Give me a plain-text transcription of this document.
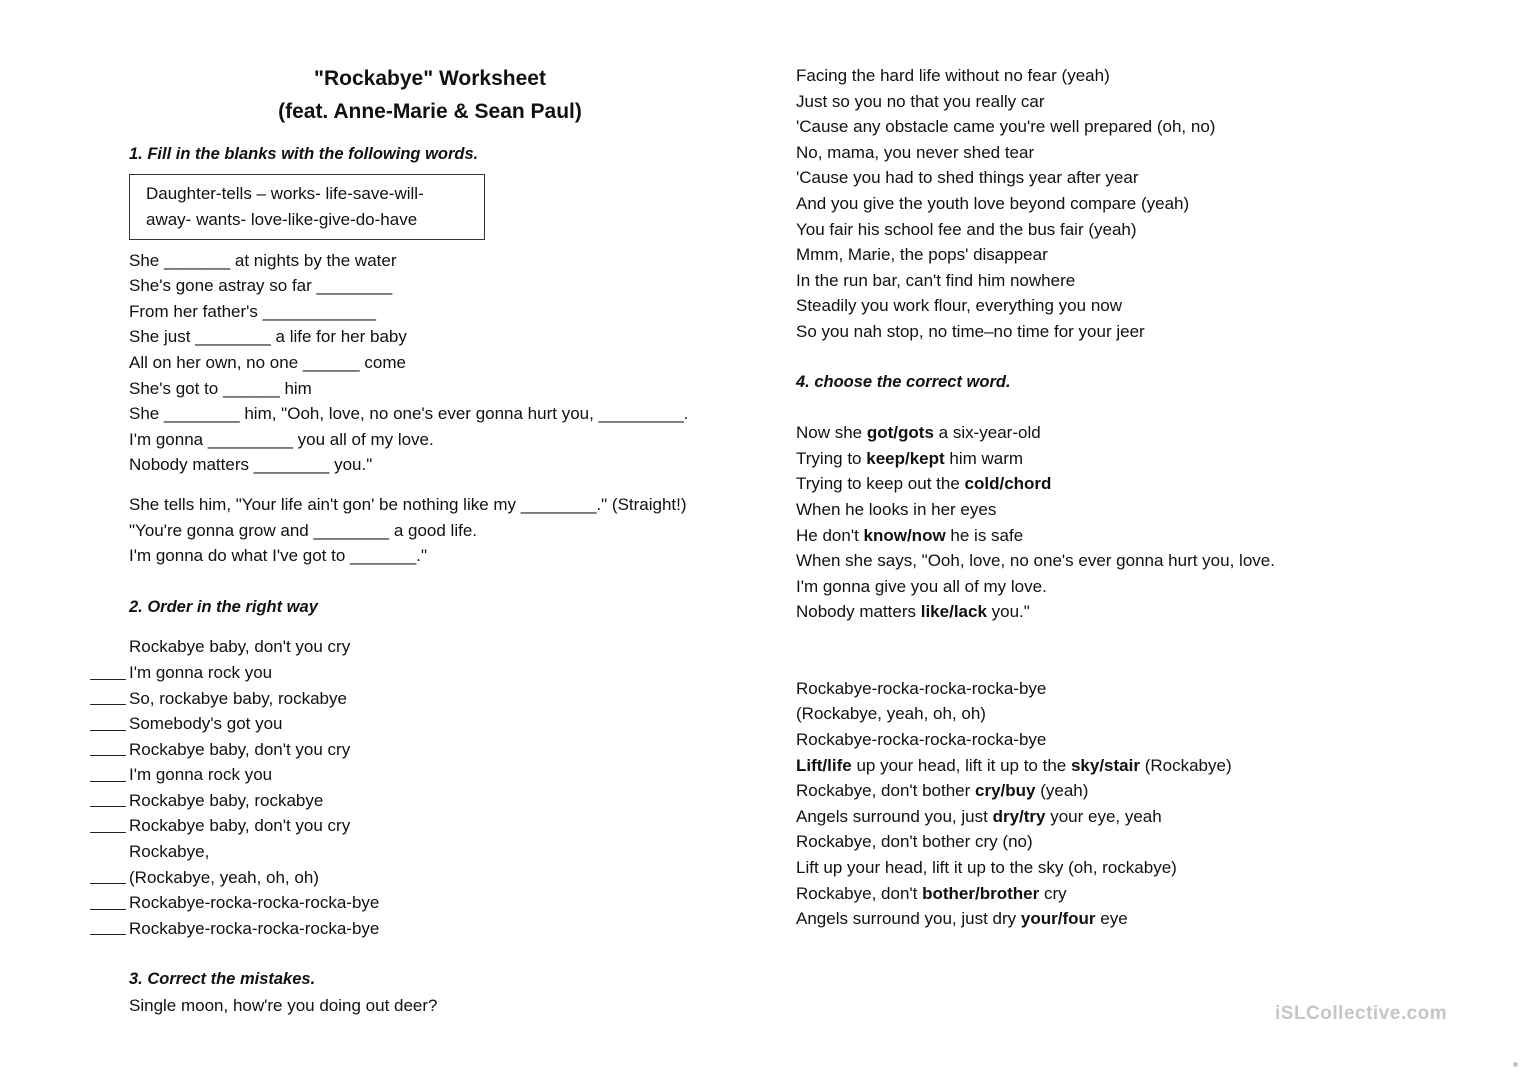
"Rockabye" Worksheet
(feat. Anne-Marie & Sean Paul)
1. Fill in the blanks with the following words.
Daughter-tells – works- life-save-will-
away- wants- love-like-give-do-have
She _______ at nights by the water
She's gone astray so far ________
From her father's ____________
She just ________ a life for her baby
All on her own, no one ______ come
She's got to ______ him
She ________ him, "Ooh, love, no one's ever gonna hurt you, _________.
I'm gonna _________ you all of my love.
Nobody matters ________ you."
She tells him, "Your life ain't gon' be nothing like my ________." (Straight!)
"You're gonna grow and ________ a good life.
I'm gonna do what I've got to _______."
2. Order in the right way
Rockabye baby, don't you cry
I'm gonna rock you
So, rockabye baby, rockabye
Somebody's got you
Rockabye baby, don't you cry
I'm gonna rock you
Rockabye baby, rockabye
Rockabye baby, don't you cry
Rockabye,
(Rockabye, yeah, oh, oh)
Rockabye-rocka-rocka-rocka-bye
Rockabye-rocka-rocka-rocka-bye
3. Correct the mistakes.
Single moon, how're you doing out deer?
Facing the hard life without no fear (yeah)
Just so you no that you really car
'Cause any obstacle came you're well prepared (oh, no)
No, mama, you never shed tear
'Cause you had to shed things year after year
And you give the youth love beyond compare (yeah)
You fair his school fee and the bus fair (yeah)
Mmm, Marie, the pops' disappear
In the run bar, can't find him nowhere
Steadily you work flour, everything you now
So you nah stop, no time–no time for your jeer
4. choose the correct word.
Now she got/gots a six-year-old
Trying to keep/kept him warm
Trying to keep out the cold/chord
When he looks in her eyes
He don't know/now he is safe
When she says, "Ooh, love, no one's ever gonna hurt you, love.
I'm gonna give you all of my love.
Nobody matters like/lack you."
Rockabye-rocka-rocka-rocka-bye
(Rockabye, yeah, oh, oh)
Rockabye-rocka-rocka-rocka-bye
Lift/life up your head, lift it up to the sky/stair (Rockabye)
Rockabye, don't bother cry/buy (yeah)
Angels surround you, just dry/try your eye, yeah
Rockabye, don't bother cry (no)
Lift up your head, lift it up to the sky (oh, rockabye)
Rockabye, don't bother/brother cry
Angels surround you, just dry your/four eye
iSLCollective.com
